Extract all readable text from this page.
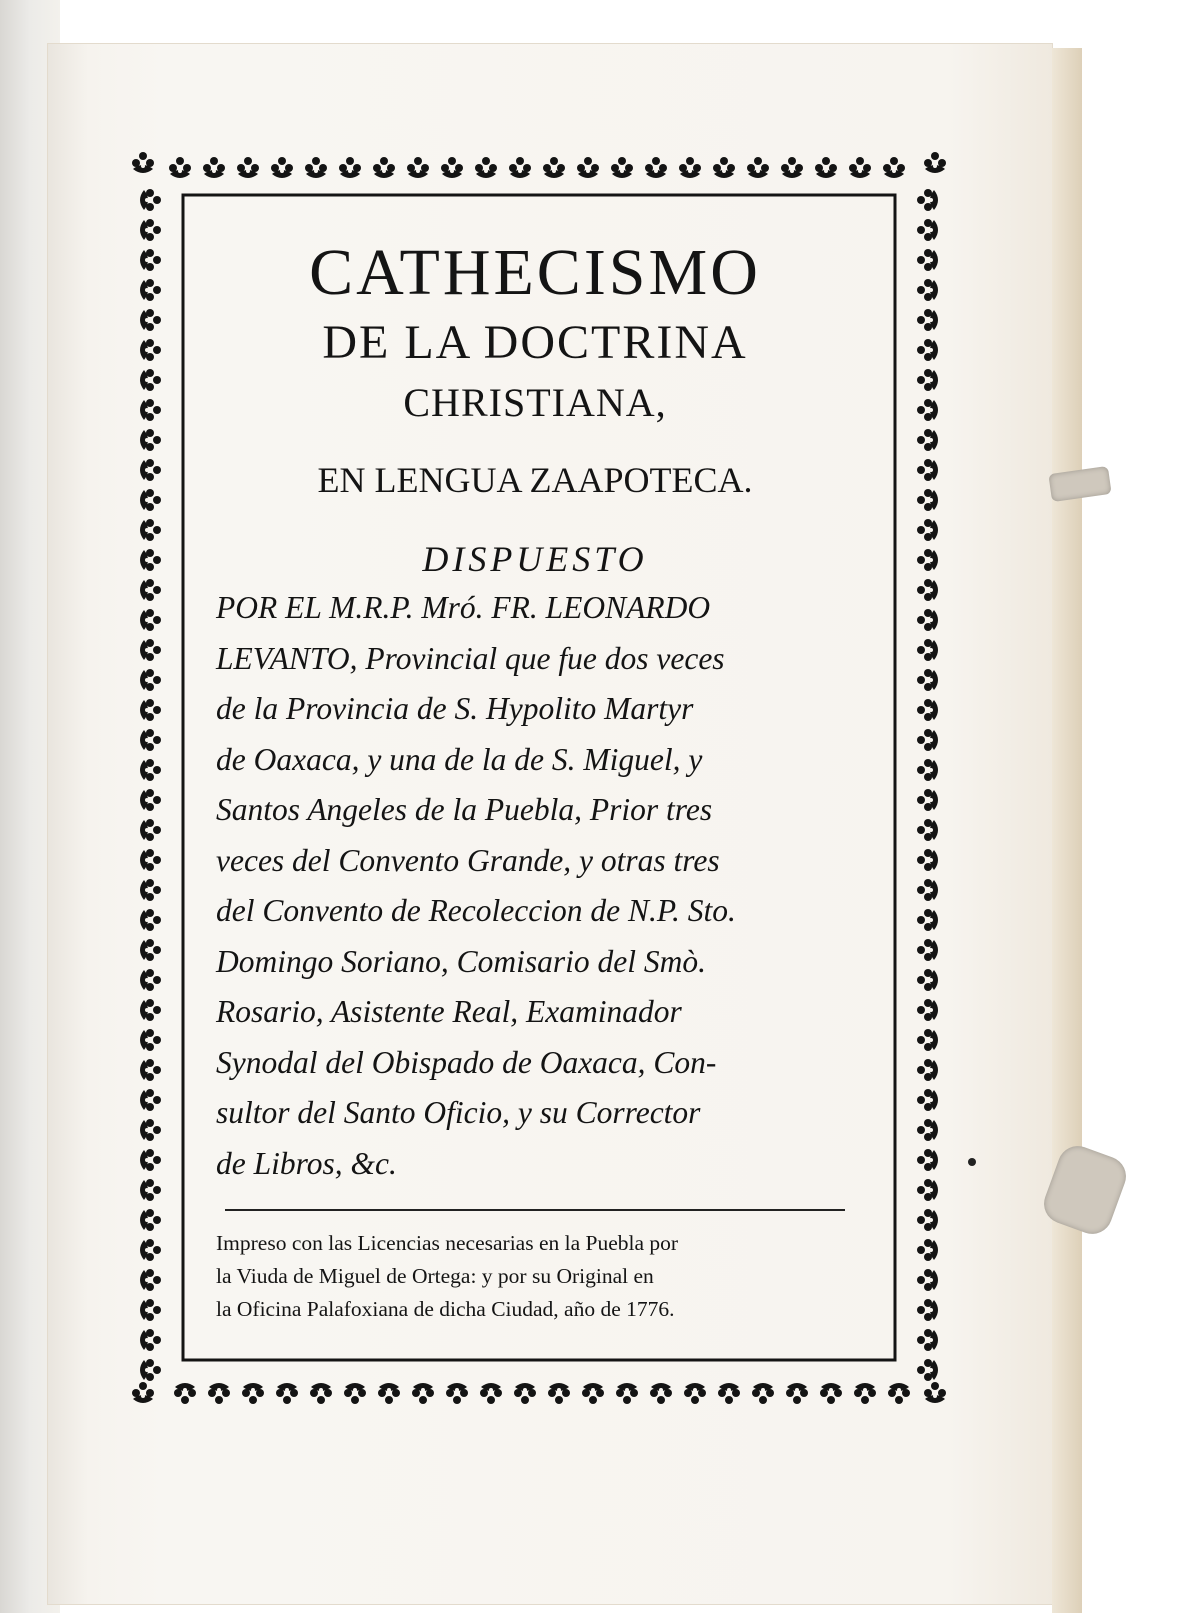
CATHECISMO
DE LA DOCTRINA
CHRISTIANA,
EN LENGUA ZAAPOTECA.
DISPUESTO
POR EL M.R.P. Mró. FR. LEONARDO
LEVANTO, Provincial que fue dos veces
de la Provincia de S. Hypolito Martyr
de Oaxaca, y una de la de S. Miguel, y
Santos Angeles de la Puebla, Prior tres
veces del Convento Grande, y otras tres
del Convento de Recoleccion de N.P. Sto.
Domingo Soriano, Comisario del Smò.
Rosario, Asistente Real, Examinador
Synodal del Obispado de Oaxaca, Con-
sultor del Santo Oficio, y su Corrector
de Libros, &c.
Impreso con las Licencias necesarias en la Puebla por
la Viuda de Miguel de Ortega: y por su Original en
la Oficina Palafoxiana de dicha Ciudad, año de 1776.
